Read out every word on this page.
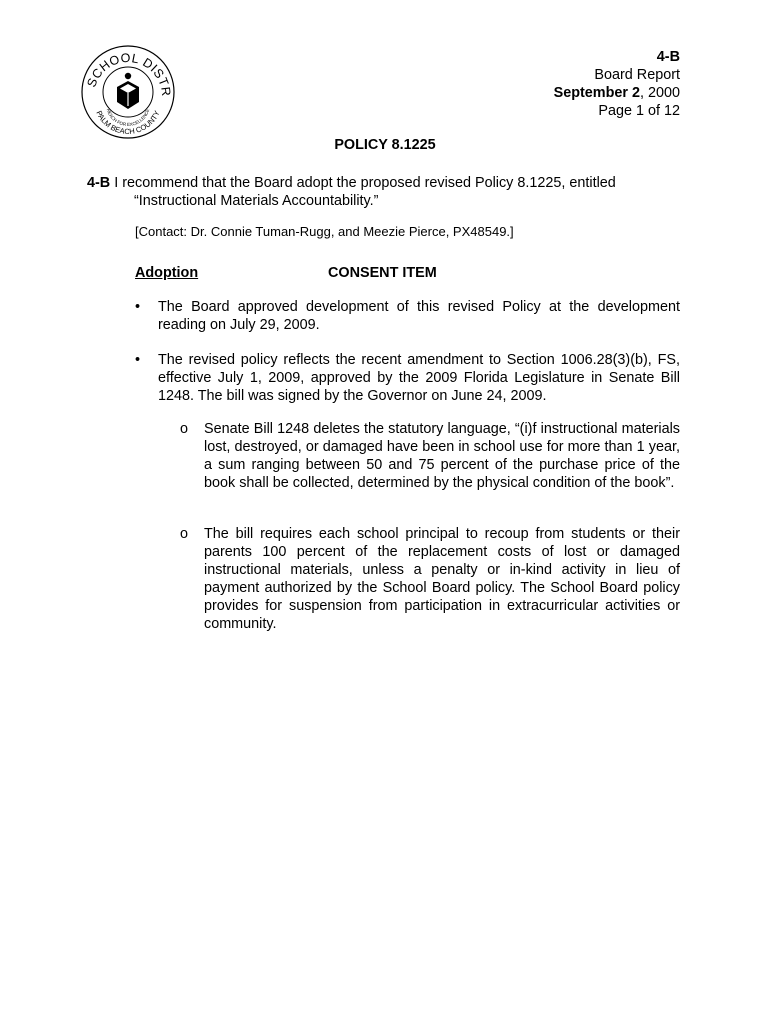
SCHOOL DISTR
REACH FOR EXCELLENCE
PALM BEACH COUNTY
4-B
Board Report
September 2, 2000
Page 1 of 12
POLICY 8.1225
4-B I recommend that the Board adopt the proposed revised Policy 8.1225, entitled
“Instructional Materials Accountability.”
[Contact: Dr. Connie Tuman-Rugg, and Meezie Pierce, PX48549.]
Adoption	CONSENT ITEM
• The Board approved development of this revised Policy at the development reading on July 29, 2009.
• The revised policy reflects the recent amendment to Section 1006.28(3)(b), FS, effective July 1, 2009, approved by the 2009 Florida Legislature in Senate Bill 1248. The bill was signed by the Governor on June 24, 2009.
o Senate Bill 1248 deletes the statutory language, “(i)f instructional materials lost, destroyed, or damaged have been in school use for more than 1 year, a sum ranging between 50 and 75 percent of the purchase price of the book shall be collected, determined by the physical condition of the book”.
o The bill requires each school principal to recoup from students or their parents 100 percent of the replacement costs of lost or damaged instructional materials, unless a penalty or in-kind activity in lieu of payment authorized by the School Board policy. The School Board policy provides for suspension from participation in extracurricular activities or community.
